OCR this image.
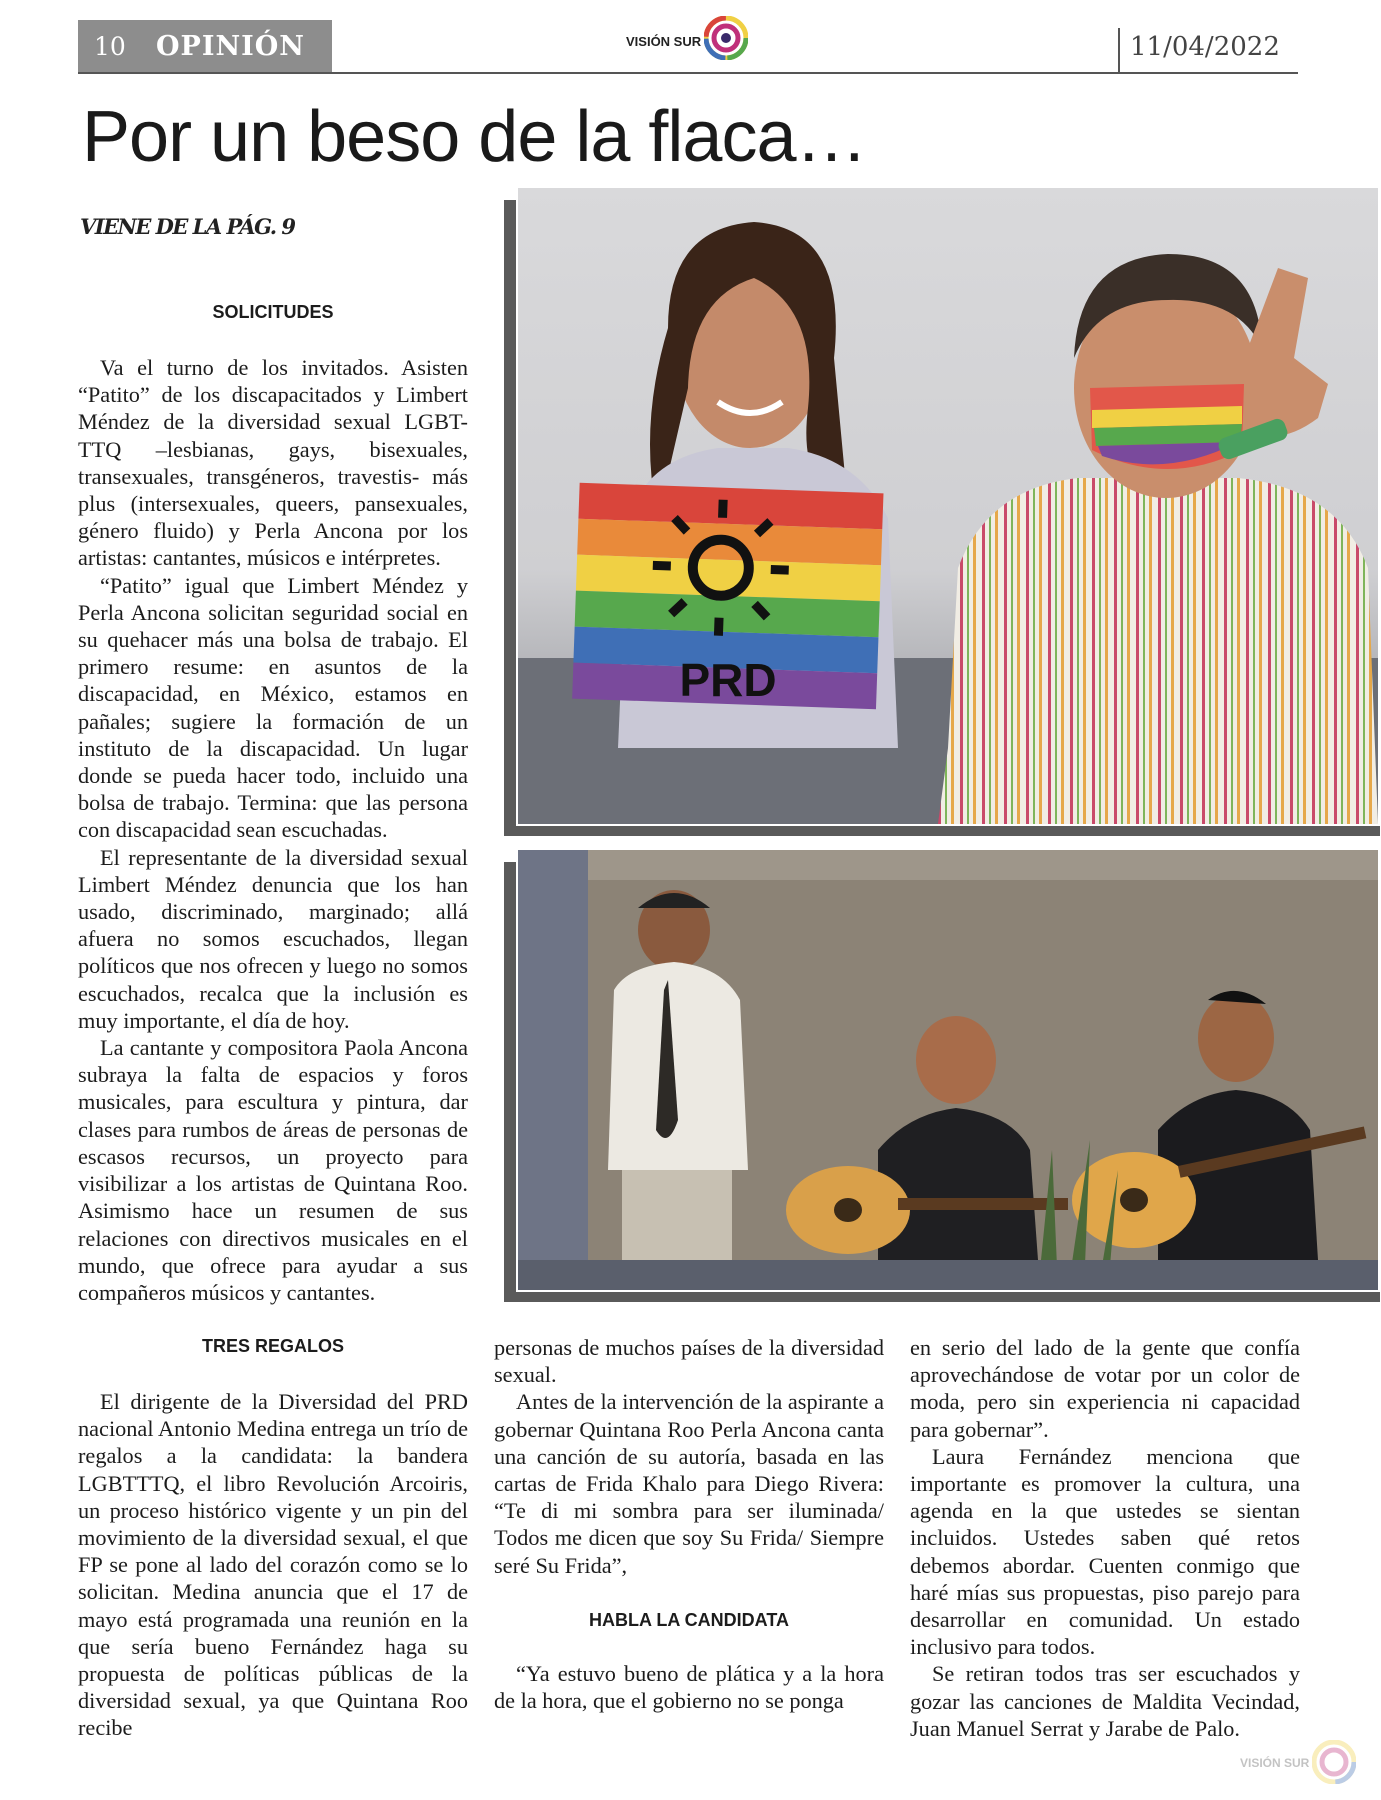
10 OPINIÓN	VISIÓN SUR	11/04/2022
Por un beso de la flaca…
VIENE DE LA PÁG. 9
SOLICITUDES

Va el turno de los invitados. Asisten “Patito” de los discapacitados y Limbert Méndez de la diversidad sexual LGBT-TTQ –lesbianas, gays, bisexuales, transexuales, transgéneros, travestis- más plus (intersexuales, queers, pansexuales, género fluido) y Perla Ancona por los artistas: cantantes, músicos e intérpretes.

“Patito” igual que Limbert Méndez y Perla Ancona solicitan seguridad social en su quehacer más una bolsa de trabajo. El primero resume: en asuntos de la discapacidad, en México, estamos en pañales; sugiere la formación de un instituto de la discapacidad. Un lugar donde se pueda hacer todo, incluido una bolsa de trabajo. Termina: que las persona con discapacidad sean escuchadas.

El representante de la diversidad sexual Limbert Méndez denuncia que los han usado, discriminado, marginado; allá afuera no somos escuchados, llegan políticos que nos ofrecen y luego no somos escuchados, recalca que la inclusión es muy importante, el día de hoy.

La cantante y compositora Paola Ancona subraya la falta de espacios y foros musicales, para escultura y pintura, dar clases para rumbos de áreas de personas de escasos recursos, un proyecto para visibilizar a los artistas de Quintana Roo. Asimismo hace un resumen de sus relaciones con directivos musicales en el mundo, que ofrece para ayudar a sus compañeros músicos y cantantes.

TRES REGALOS

El dirigente de la Diversidad del PRD nacional Antonio Medina entrega un trío de regalos a la candidata: la bandera LGBTTTQ, el libro Revolución Arcoiris, un proceso histórico vigente y un pin del movimiento de la diversidad sexual, el que FP se pone al lado del corazón como se lo solicitan. Medina anuncia que el 17 de mayo está programada una reunión en la que sería bueno Fernández haga su propuesta de políticas públicas de la diversidad sexual, ya que Quintana Roo recibe

personas de muchos países de la diversidad sexual.

Antes de la intervención de la aspirante a gobernar Quintana Roo Perla Ancona canta una canción de su autoría, basada en las cartas de Frida Khalo para Diego Rivera: “Te di mi sombra para ser iluminada/ Todos me dicen que soy Su Frida/ Siempre seré Su Frida”,

HABLA LA CANDIDATA

“Ya estuvo bueno de plática y a la hora de la hora, que el gobierno no se ponga

en serio del lado de la gente que confía aprovechándose de votar por un color de moda, pero sin experiencia ni capacidad para gobernar”.

Laura Fernández menciona que importante es promover la cultura, una agenda en la que ustedes se sientan incluidos. Ustedes saben qué retos debemos abordar. Cuenten conmigo que haré mías sus propuestas, piso parejo para desarrollar en comunidad. Un estado inclusivo para todos.

Se retiran todos tras ser escuchados y gozar las canciones de Maldita Vecindad, Juan Manuel Serrat y Jarabe de Palo.

PRD
VISIÓN SUR
